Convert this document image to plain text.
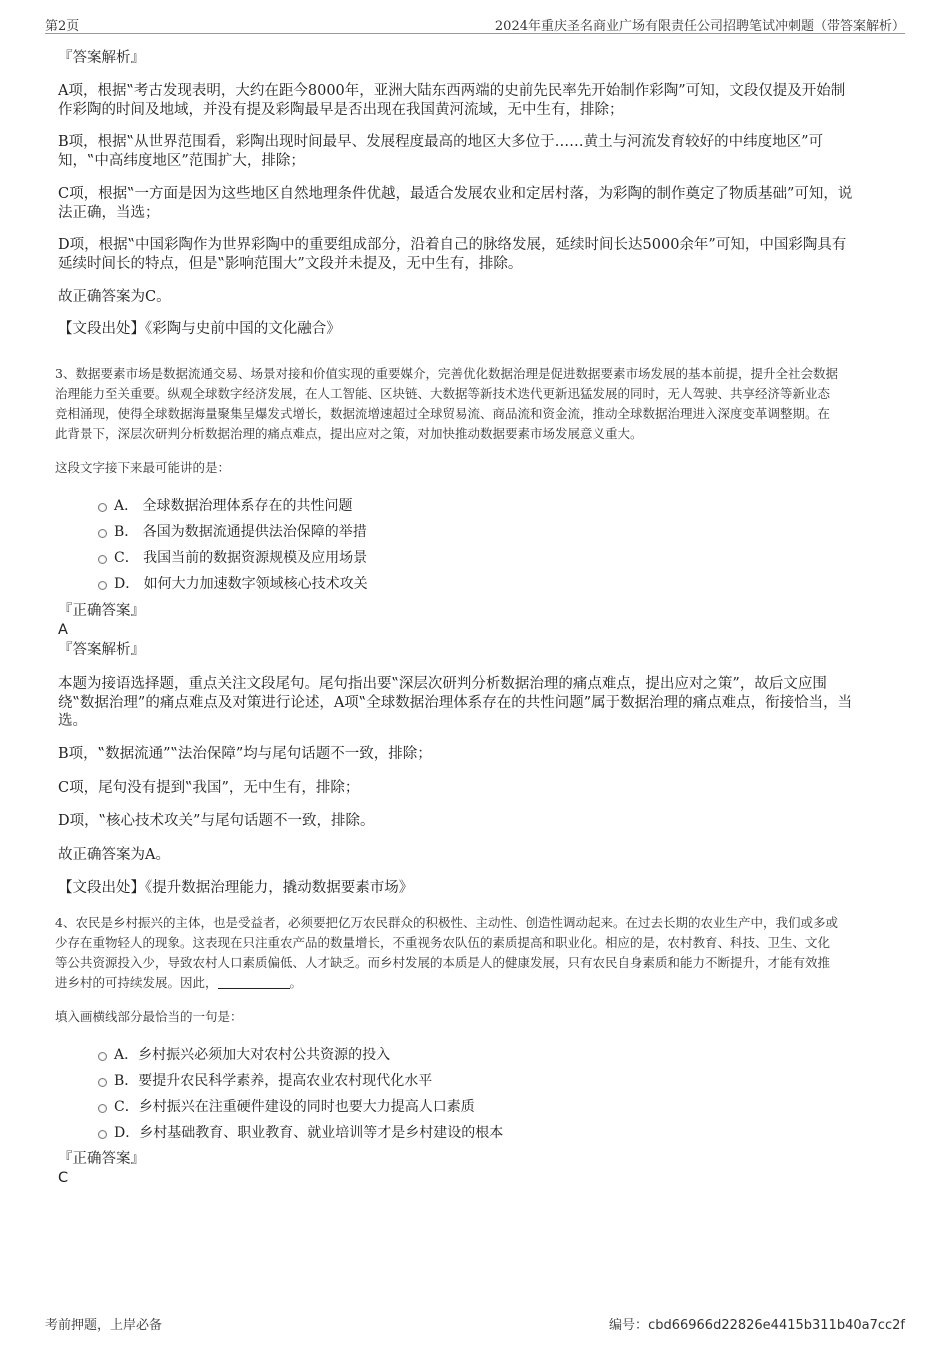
第2页	2024年重庆圣名商业广场有限责任公司招聘笔试冲刺题（带答案解析）
『答案解析』
A项，根据‟考古发现表明，大约在距今8000年，亚洲大陆东西两端的史前先民率先开始制作彩陶”可知，文段仅提及开始制
作彩陶的时间及地域，并没有提及彩陶最早是否出现在我国黄河流域，无中生有，排除；
B项，根据‟从世界范围看，彩陶出现时间最早、发展程度最高的地区大多位于……黄土与河流发育较好的中纬度地区”可
知，‟中高纬度地区”范围扩大，排除；
C项，根据‟一方面是因为这些地区自然地理条件优越，最适合发展农业和定居村落，为彩陶的制作奠定了物质基础”可知，说
法正确，当选；
D项，根据‟中国彩陶作为世界彩陶中的重要组成部分，沿着自己的脉络发展，延续时间长达5000余年”可知，中国彩陶具有
延续时间长的特点，但是‟影响范围大”文段并未提及，无中生有，排除。
故正确答案为C。
【文段出处】《彩陶与史前中国的文化融合》
3、数据要素市场是数据流通交易、场景对接和价值实现的重要媒介，完善优化数据治理是促进数据要素市场发展的基本前提，提升全社会数据
治理能力至关重要。纵观全球数字经济发展，在人工智能、区块链、大数据等新技术迭代更新迅猛发展的同时，无人驾驶、共享经济等新业态
竞相涌现，使得全球数据海量聚集呈爆发式增长，数据流增速超过全球贸易流、商品流和资金流，推动全球数据治理进入深度变革调整期。在
此背景下，深层次研判分析数据治理的痛点难点，提出应对之策，对加快推动数据要素市场发展意义重大。
这段文字接下来最可能讲的是：
A． 全球数据治理体系存在的共性问题
B． 各国为数据流通提供法治保障的举措
C． 我国当前的数据资源规模及应用场景
D． 如何大力加速数字领域核心技术攻关
『正确答案』
A
『答案解析』
本题为接语选择题，重点关注文段尾句。尾句指出要‟深层次研判分析数据治理的痛点难点，提出应对之策”，故后文应围
绕‟数据治理”的痛点难点及对策进行论述，A项‟全球数据治理体系存在的共性问题”属于数据治理的痛点难点，衔接恰当，当
选。
B项，‟数据流通”‟法治保障”均与尾句话题不一致，排除；
C项，尾句没有提到‟我国”，无中生有，排除；
D项，‟核心技术攻关”与尾句话题不一致，排除。
故正确答案为A。
【文段出处】《提升数据治理能力，撬动数据要素市场》
4、农民是乡村振兴的主体，也是受益者，必须要把亿万农民群众的积极性、主动性、创造性调动起来。在过去长期的农业生产中，我们或多或
少存在重物轻人的现象。这表现在只注重农产品的数量增长，不重视务农队伍的素质提高和职业化。相应的是，农村教育、科技、卫生、文化
等公共资源投入少，导致农村人口素质偏低、人才缺乏。而乡村发展的本质是人的健康发展，只有农民自身素质和能力不断提升，才能有效推
进乡村的可持续发展。因此，	。
填入画横线部分最恰当的一句是：
A．乡村振兴必须加大对农村公共资源的投入
B．要提升农民科学素养，提高农业农村现代化水平
C．乡村振兴在注重硬件建设的同时也要大力提高人口素质
D．乡村基础教育、职业教育、就业培训等才是乡村建设的根本
『正确答案』
C
考前押题，上岸必备	编号：cbd66966d22826e4415b311b40a7cc2f
